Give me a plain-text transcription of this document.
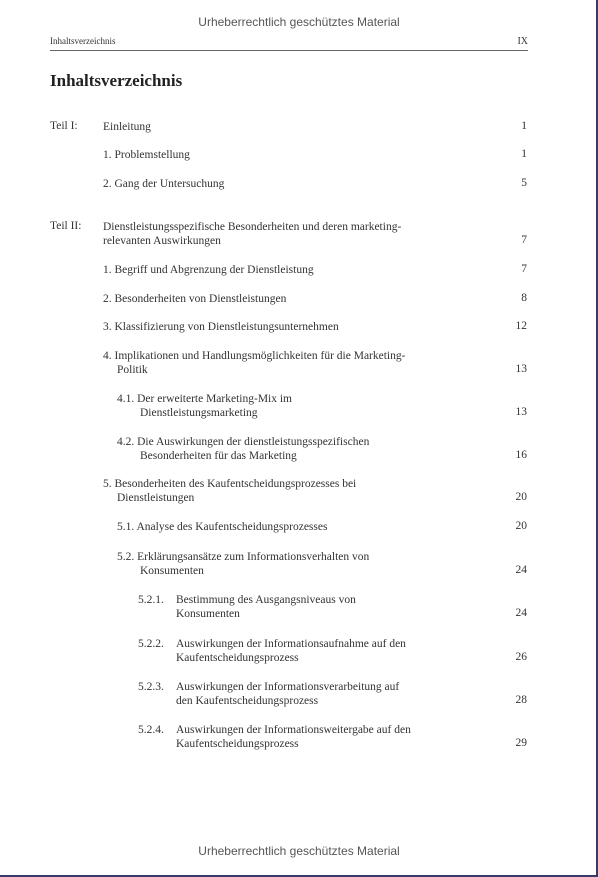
Urheberrechtlich geschütztes Material
Inhaltsverzeichnis	IX
Inhaltsverzeichnis
Teil I: Einleitung	1
1. Problemstellung	1
2. Gang der Untersuchung	5
Teil II: Dienstleistungsspezifische Besonderheiten und deren marketing-
relevanten Auswirkungen	7
1. Begriff und Abgrenzung der Dienstleistung	7
2. Besonderheiten von Dienstleistungen	8
3. Klassifizierung von Dienstleistungsunternehmen	12
4. Implikationen und Handlungsmöglichkeiten für die Marketing-
Politik	13
4.1. Der erweiterte Marketing-Mix im
Dienstleistungsmarketing	13
4.2. Die Auswirkungen der dienstleistungsspezifischen
Besonderheiten für das Marketing	16
5. Besonderheiten des Kaufentscheidungsprozesses bei
Dienstleistungen	20
5.1. Analyse des Kaufentscheidungsprozesses	20
5.2. Erklärungsansätze zum Informationsverhalten von
Konsumenten	24
5.2.1. Bestimmung des Ausgangsniveaus von
Konsumenten	24
5.2.2. Auswirkungen der Informationsaufnahme auf den
Kaufentscheidungsprozess	26
5.2.3. Auswirkungen der Informationsverarbeitung auf
den Kaufentscheidungsprozess	28
5.2.4. Auswirkungen der Informationsweitergabe auf den
Kaufentscheidungsprozess	29
Urheberrechtlich geschütztes Material
